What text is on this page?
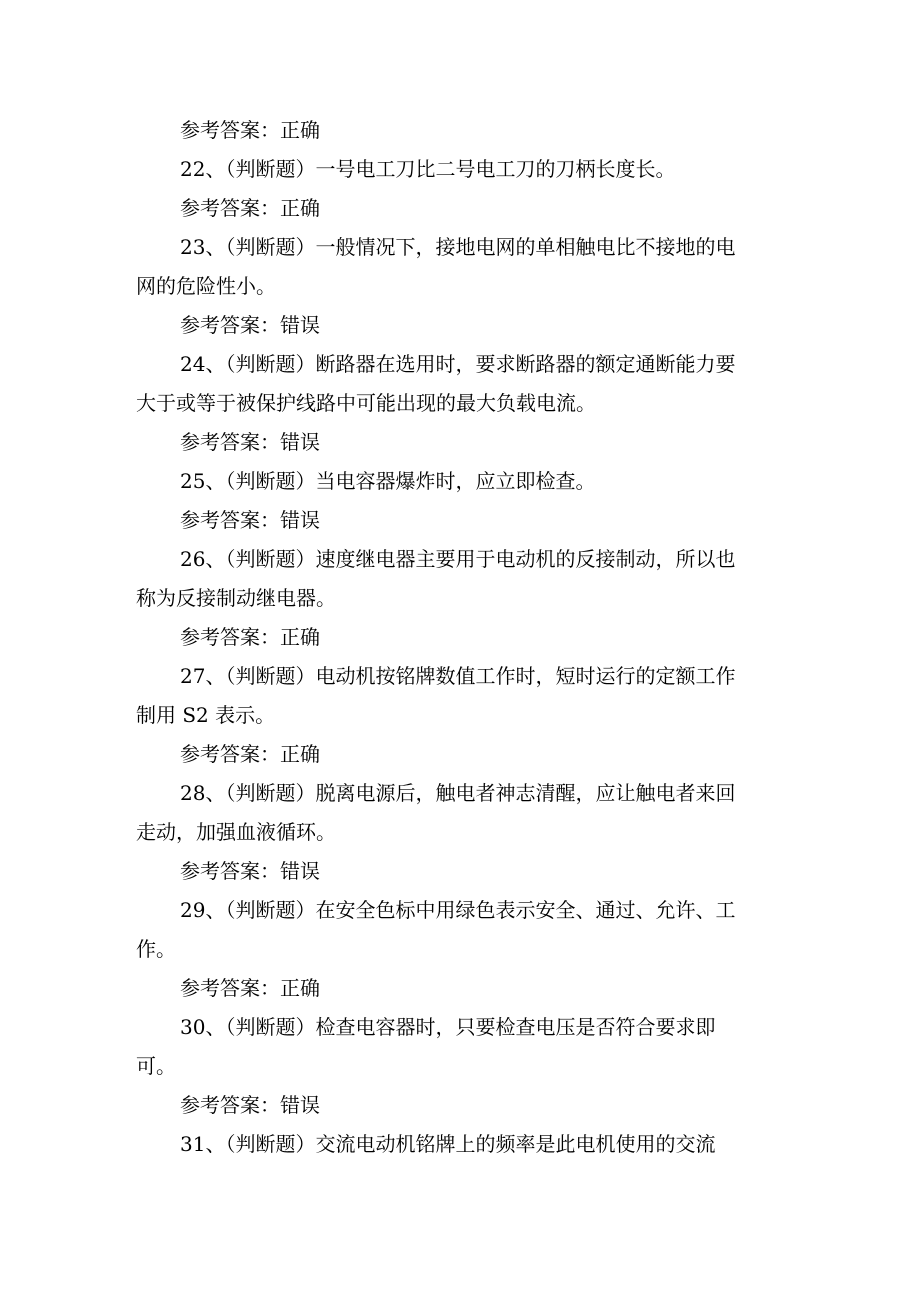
参考答案：正确

22、（判断题）一号电工刀比二号电工刀的刀柄长度长。

参考答案：正确

23、（判断题）一般情况下，接地电网的单相触电比不接地的电

网的危险性小。

参考答案：错误

24、（判断题）断路器在选用时，要求断路器的额定通断能力要

大于或等于被保护线路中可能出现的最大负载电流。

参考答案：错误

25、（判断题）当电容器爆炸时，应立即检查。

参考答案：错误

26、（判断题）速度继电器主要用于电动机的反接制动，所以也

称为反接制动继电器。

参考答案：正确

27、（判断题）电动机按铭牌数值工作时，短时运行的定额工作

制用 S2 表示。

参考答案：正确

28、（判断题）脱离电源后，触电者神志清醒，应让触电者来回

走动，加强血液循环。

参考答案：错误

29、（判断题）在安全色标中用绿色表示安全、通过、允许、工

作。

参考答案：正确

30、（判断题）检查电容器时，只要检查电压是否符合要求即

可。

参考答案：错误

31、（判断题）交流电动机铭牌上的频率是此电机使用的交流
